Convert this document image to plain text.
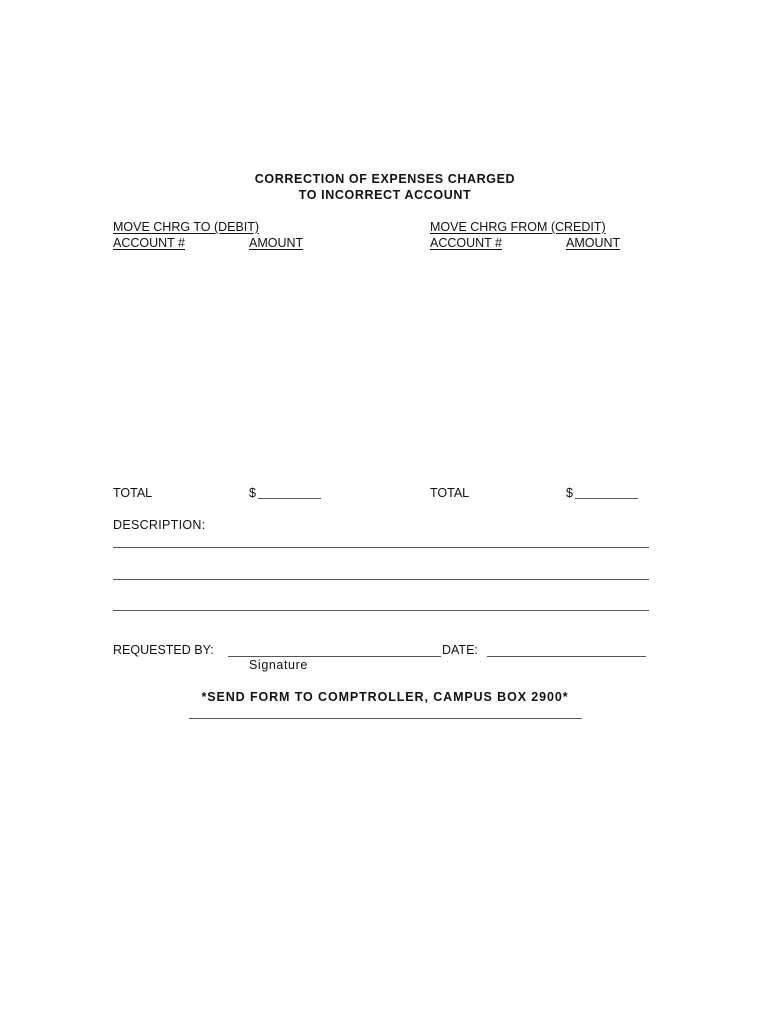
CORRECTION OF EXPENSES CHARGED
TO INCORRECT ACCOUNT
MOVE CHRG TO (DEBIT)
ACCOUNT #	AMOUNT
MOVE CHRG FROM (CREDIT)
ACCOUNT #	AMOUNT
TOTAL	$	TOTAL	$
DESCRIPTION:
REQUESTED BY:	DATE:
Signature
*SEND FORM TO COMPTROLLER, CAMPUS BOX 2900*
